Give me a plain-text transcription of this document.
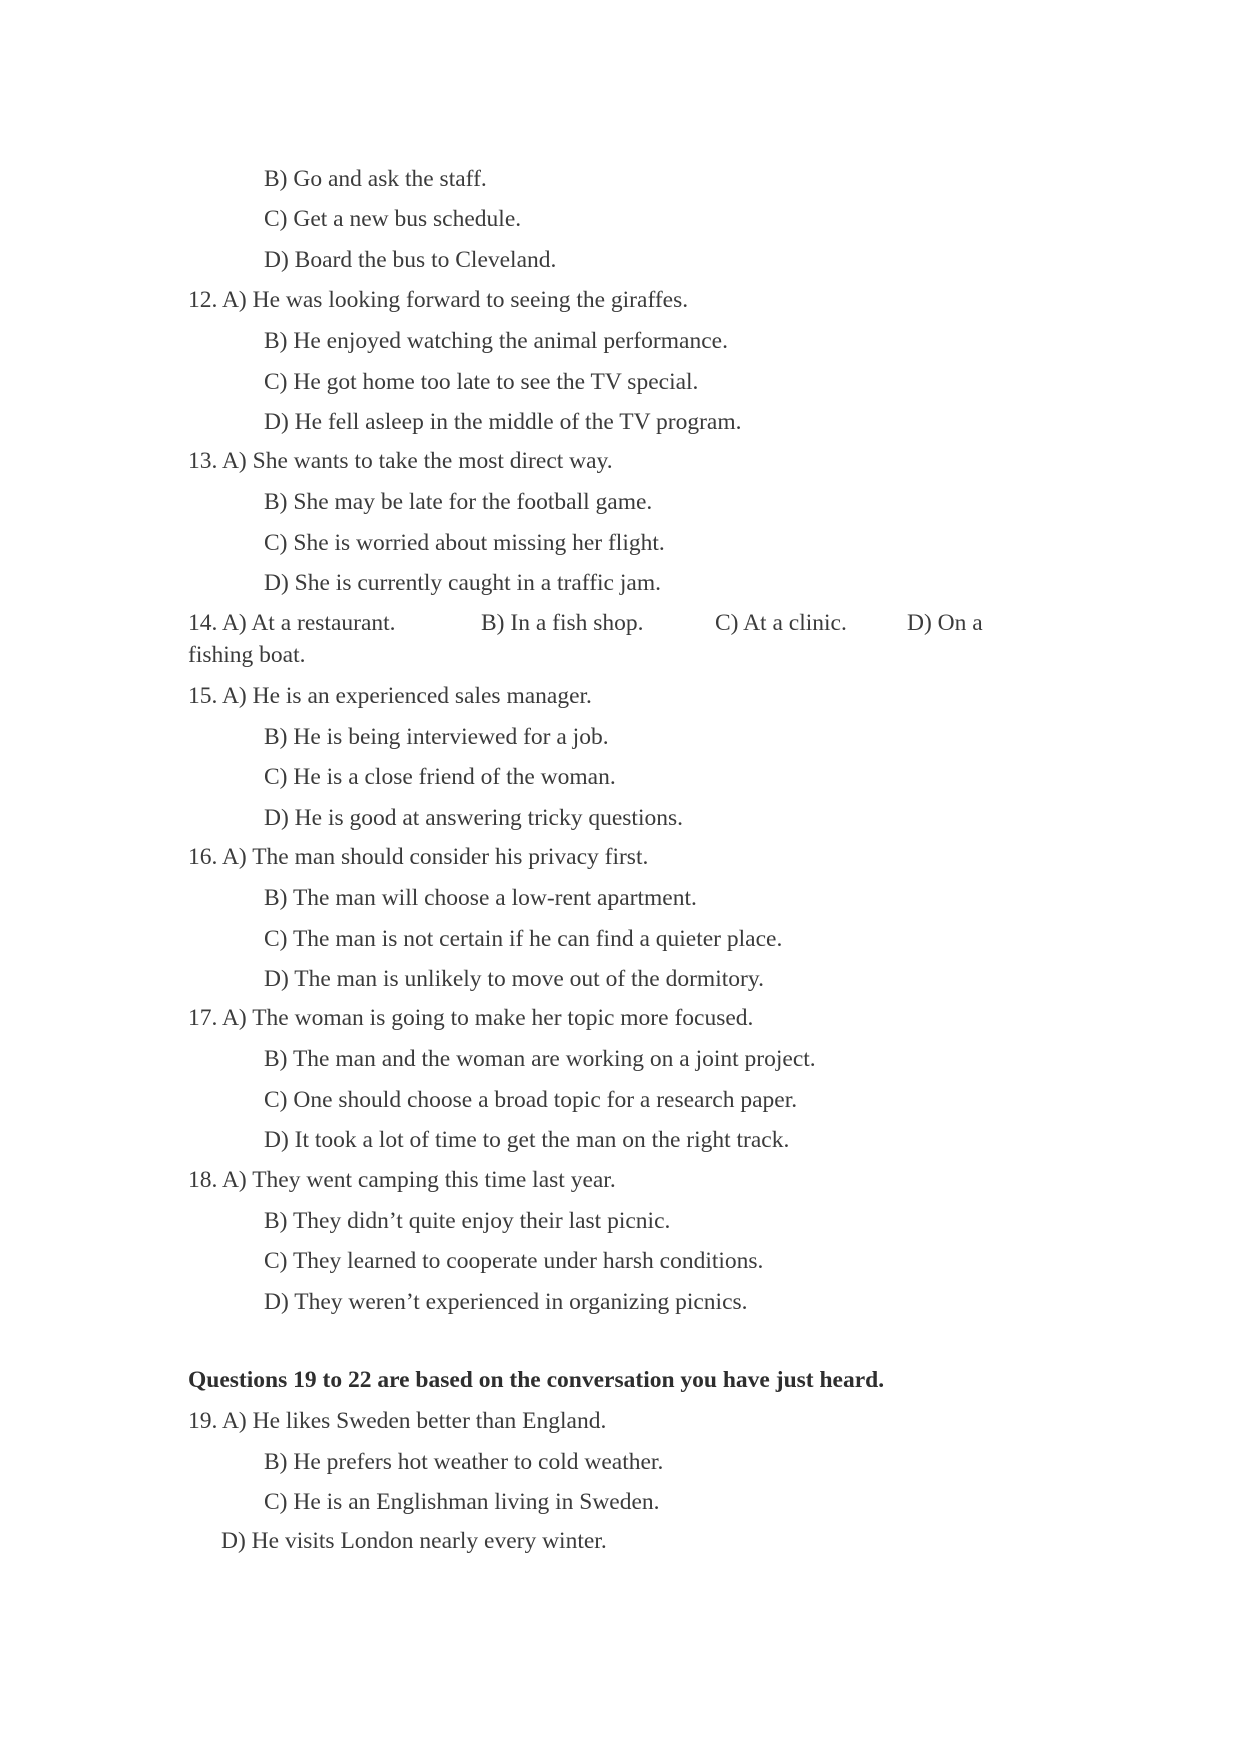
B) Go and ask the staff.
C) Get a new bus schedule.
D) Board the bus to Cleveland.
12. A) He was looking forward to seeing the giraffes.
B) He enjoyed watching the animal performance.
C) He got home too late to see the TV special.
D) He fell asleep in the middle of the TV program.
13. A) She wants to take the most direct way.
B) She may be late for the football game.
C) She is worried about missing her flight.
D) She is currently caught in a traffic jam.
14. A) At a restaurant.	B) In a fish shop.	C) At a clinic.	D) On a
fishing boat.
15. A) He is an experienced sales manager.
B) He is being interviewed for a job.
C) He is a close friend of the woman.
D) He is good at answering tricky questions.
16. A) The man should consider his privacy first.
B) The man will choose a low-rent apartment.
C) The man is not certain if he can find a quieter place.
D) The man is unlikely to move out of the dormitory.
17. A) The woman is going to make her topic more focused.
B) The man and the woman are working on a joint project.
C) One should choose a broad topic for a research paper.
D) It took a lot of time to get the man on the right track.
18. A) They went camping this time last year.
B) They didn’t quite enjoy their last picnic.
C) They learned to cooperate under harsh conditions.
D) They weren’t experienced in organizing picnics.
Questions 19 to 22 are based on the conversation you have just heard.
19. A) He likes Sweden better than England.
B) He prefers hot weather to cold weather.
C) He is an Englishman living in Sweden.
D) He visits London nearly every winter.
